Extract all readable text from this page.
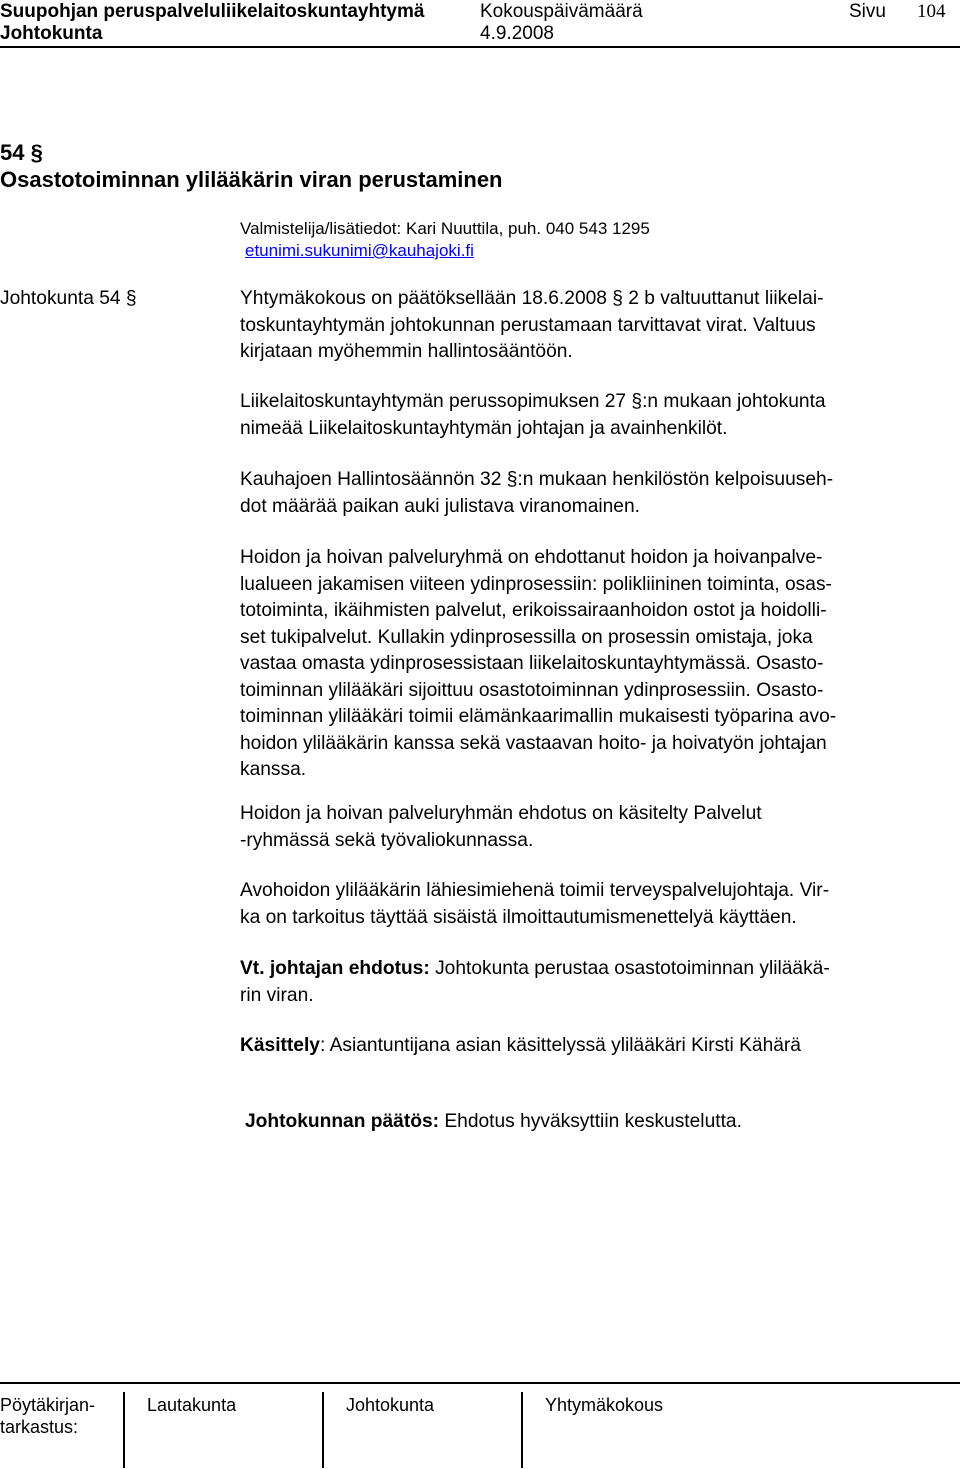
Suupohjan peruspalveluliikelaitoskuntayhtymä	Kokouspäivämäärä	Sivu 104
Johtokunta	4.9.2008
54 §
Osastotoiminnan ylilääkärin viran perustaminen
Valmistelija/lisätiedot: Kari Nuuttila, puh. 040 543 1295
etunimi.sukunimi@kauhajoki.fi
Johtokunta 54 §	Yhtymäkokous on päätöksellään 18.6.2008 § 2 b valtuuttanut liikelai-
toskuntayhtymän johtokunnan perustamaan tarvittavat virat. Valtuus
kirjataan myöhemmin hallintosääntöön.
Liikelaitoskuntayhtymän perussopimuksen 27 §:n mukaan johtokunta
nimeää Liikelaitoskuntayhtymän johtajan ja avainhenkilöt.
Kauhajoen Hallintosäännön 32 §:n mukaan henkilöstön kelpoisuuseh-
dot määrää paikan auki julistava viranomainen.
Hoidon ja hoivan palveluryhmä on ehdottanut hoidon ja hoivanpalve-
lualueen jakamisen viiteen ydinprosessiin: polikliininen toiminta, osas-
totoiminta, ikäihmisten palvelut, erikoissairaanhoidon ostot ja hoidolli-
set tukipalvelut. Kullakin ydinprosessilla on prosessin omistaja, joka
vastaa omasta ydinprosessistaan liikelaitoskuntayhtymässä. Osasto-
toiminnan ylilääkäri sijoittuu osastotoiminnan ydinprosessiin. Osasto-
toiminnan ylilääkäri toimii elämänkaarimallin mukaisesti työparina avo-
hoidon ylilääkärin kanssa sekä vastaavan hoito- ja hoivatyön johtajan
kanssa.
Hoidon ja hoivan palveluryhmän ehdotus on käsitelty Palvelut
-ryhmässä sekä työvaliokunnassa.
Avohoidon ylilääkärin lähiesimiehenä toimii terveyspalvelujohtaja. Vir-
ka on tarkoitus täyttää sisäistä ilmoittautumismenettelyä käyttäen.
Vt. johtajan ehdotus: Johtokunta perustaa osastotoiminnan ylilääkä-
rin viran.
Käsittely: Asiantuntijana asian käsittelyssä ylilääkäri Kirsti Kähärä
Johtokunnan päätös: Ehdotus hyväksyttiin keskustelutta.
Pöytäkirjan-
tarkastus:
Lautakunta	Johtokunta	Yhtymäkokous
